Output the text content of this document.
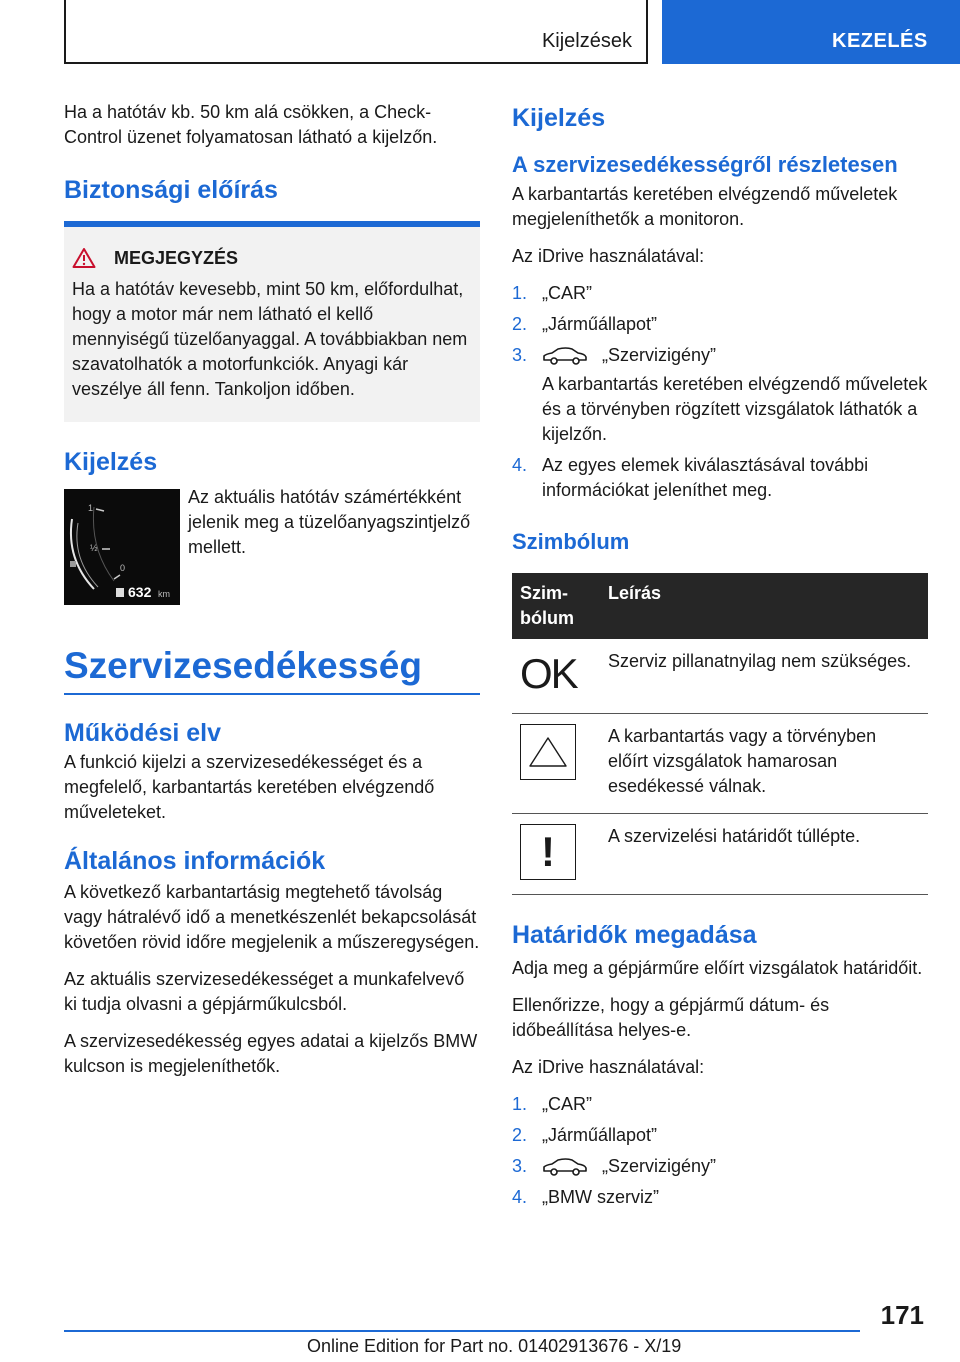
Kijelzések	KEZELÉS

Ha a hatótáv kb. 50 km alá csökken, a Check-Control üzenet folyamatosan látható a kijelzőn.

Biztonsági előírás
MEGJEGYZÉS

Ha a hatótáv kevesebb, mint 50 km, előfordulhat, hogy a motor már nem látható el kellő mennyiségű tüzelőanyaggal. A továbbiakban nem szavatolhatók a motorfunkciók. Anyagi kár veszélye áll fenn. Tankoljon időben.

Kijelzés
1
½
0
632 km
Az aktuális hatótáv számértékként jelenik meg a tüzelőanyagszintjelző mellett.
Szervizesedékesség
Működési elv

A funkció kijelzi a szervizesedékességet és a megfelelő, karbantartás keretében elvégzendő műveleteket.

Általános információk

A következő karbantartásig megtehető távolság vagy hátralévő idő a menetkészenlét bekapcsolását követően rövid időre megjelenik a műszeregységen.

Az aktuális szervizesedékességet a munkafelvevő ki tudja olvasni a gépjárműkulcsból.

A szervizesedékesség egyes adatai a kijelzős BMW kulcson is megjeleníthetők.

Kijelzés
A szervizesedékességről részletesen

A karbantartás keretében elvégzendő műveletek megjeleníthetők a monitoron.

Az iDrive használatával:

1. „CAR”
2. „Járműállapot”
3.	„Szervizigény”
A karbantartás keretében elvégzendő műveletek és a törvényben rögzített vizsgálatok láthatók a kijelzőn.
4. Az egyes elemek kiválasztásával további információkat jeleníthet meg.
Szimbólum
Szim-bólum	Leírás

OK	Szerviz pillanatnyilag nem szükséges.

△	A karbantartás vagy a törvényben előírt vizsgálatok hamarosan esedékessé válnak.

!	A szervizelési határidőt túllépte.
Határidők megadása

Adja meg a gépjárműre előírt vizsgálatok határidőit.

Ellenőrizze, hogy a gépjármű dátum- és időbeállítása helyes-e.

Az iDrive használatával:

1. „CAR”
2. „Járműállapot”
3.	„Szervizigény”
4. „BMW szerviz”
171
Online Edition for Part no. 01402913676 - X/19
